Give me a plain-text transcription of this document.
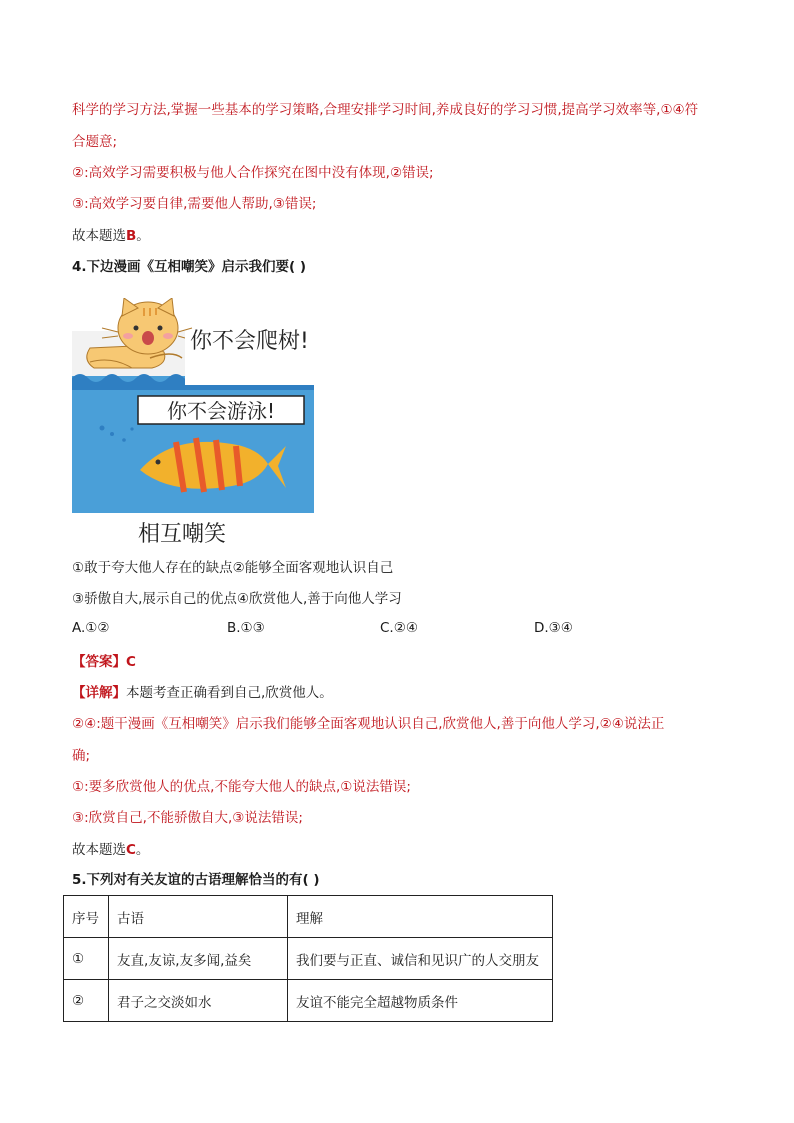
科学的学习方法,掌握一些基本的学习策略,合理安排学习时间,养成良好的学习习惯,提高学习效率等,①④符
合题意;
②:高效学习需要积极与他人合作探究在图中没有体现,②错误;
③:高效学习要自律,需要他人帮助,③错误;
故本题选B。
4.下边漫画《互相嘲笑》启示我们要( )
你不会爬树!
你不会游泳!
相互嘲笑
①敢于夸大他人存在的缺点②能够全面客观地认识自己
③骄傲自大,展示自己的优点④欣赏他人,善于向他人学习
A.①②	B.①③	C.②④	D.③④
【答案】C
【详解】本题考查正确看到自己,欣赏他人。
②④:题干漫画《互相嘲笑》启示我们能够全面客观地认识自己,欣赏他人,善于向他人学习,②④说法正
确;
①:要多欣赏他人的优点,不能夸大他人的缺点,①说法错误;
③:欣赏自己,不能骄傲自大,③说法错误;
故本题选C。
5.下列对有关友谊的古语理解恰当的有( )
序号	古语	理解
①	友直,友谅,友多闻,益矣	我们要与正直、诚信和见识广的人交朋友
②	君子之交淡如水	友谊不能完全超越物质条件
